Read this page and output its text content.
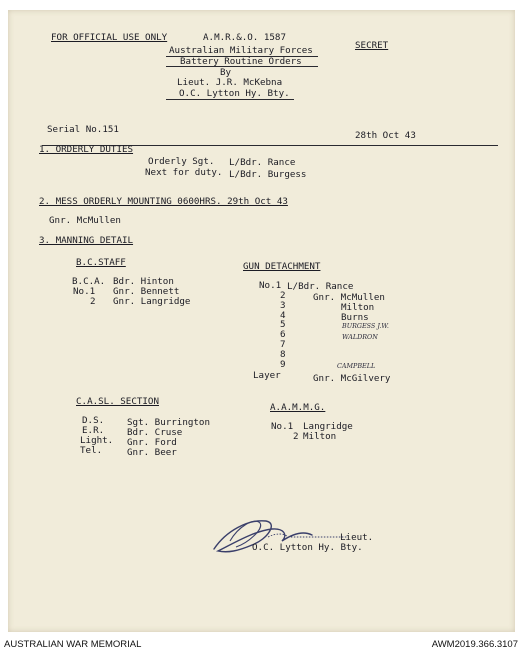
FOR OFFICIAL USE ONLY	A.M.R.&.O. 1587
SECRET
Australian Military Forces
Battery Routine Orders
By
Lieut. J.R. McKebna
O.C. Lytton Hy. Bty.
Serial No.151
28th Oct 43
1. ORDERLY DUTIES
Orderly Sgt. L/Bdr. Rance
Next for duty. L/Bdr. Burgess
2. MESS ORDERLY MOUNTING 0600HRS. 29th Oct 43
Gnr. McMullen
3. MANNING DETAIL
B.C.STAFF
B.C.A. Bdr. Hinton
No.1 Gnr. Bennett
2 Gnr. Langridge
GUN DETACHMENT
No.1 L/Bdr. Rance
2	Gnr. McMullen
3	Milton
4	Burns
5	BURGESS J.W.
6	WALDRON
7
8
9	CAMPBELL
Layer	Gnr. McGilvery
C.A.SL. SECTION
D.S. Sgt. Burrington
E.R. Bdr. Cruse
Light. Gnr. Ford
Tel.	Gnr. Beer
A.A.M.M.G.
No.1 Langridge
2 Milton
Lieut.
O.C. Lytton Hy. Bty.
AUSTRALIAN WAR MEMORIAL	AWM2019.366.3107
